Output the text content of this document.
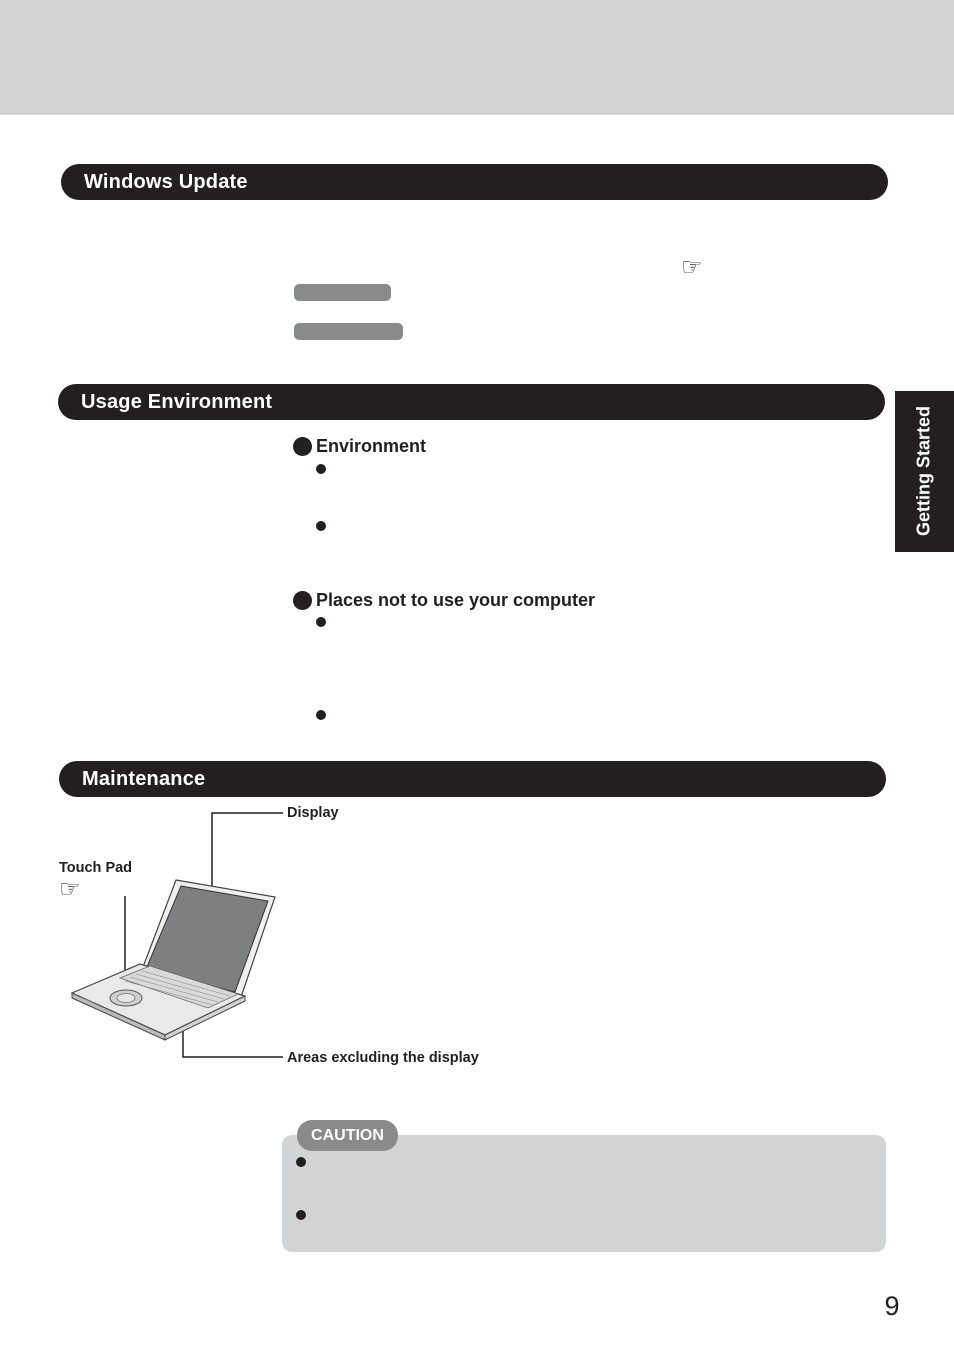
Getting Started
Windows Update
☞
Usage Environment
Environment
Places not to use your computer
Maintenance
Display
Touch Pad
☞
Areas excluding the display
CAUTION
9
